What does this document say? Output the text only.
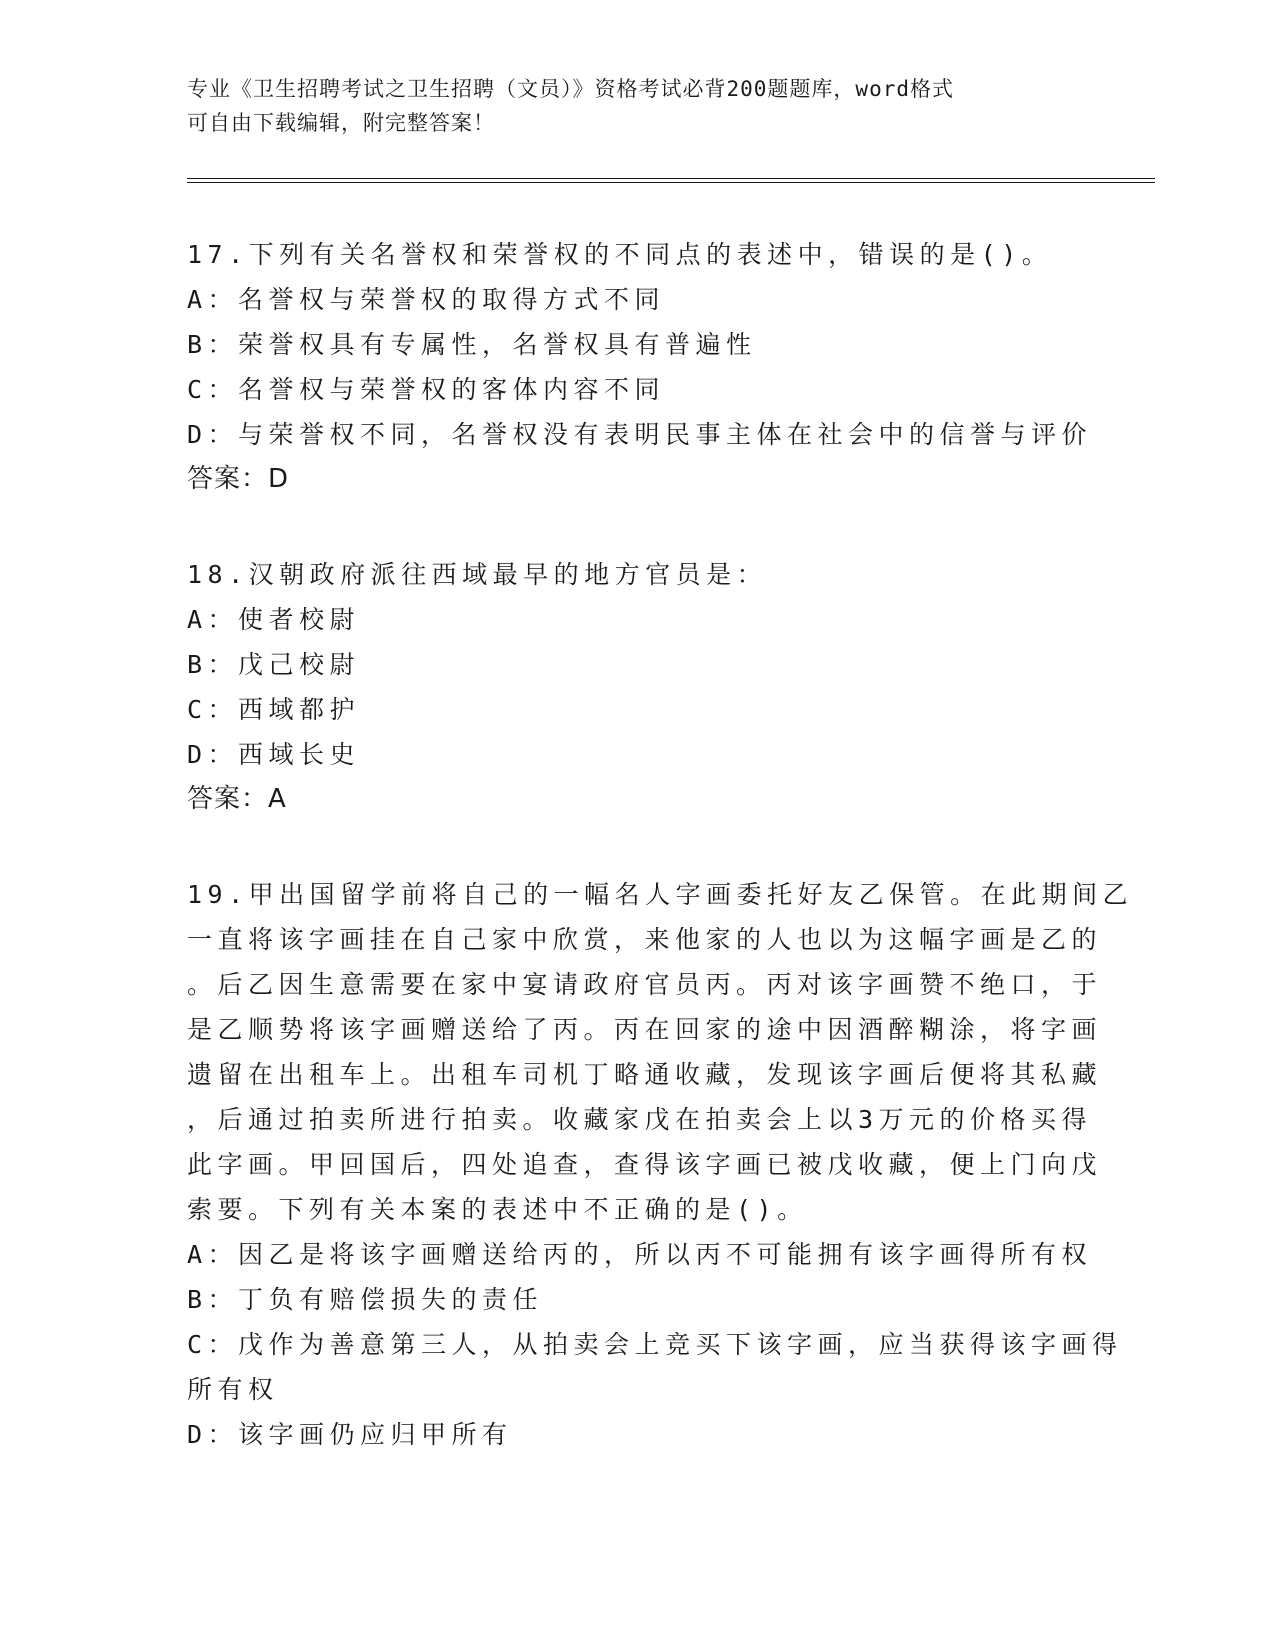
专业《卫生招聘考试之卫生招聘（文员）》资格考试必背200题题库，word格式
可自由下载编辑，附完整答案！
17.下列有关名誉权和荣誉权的不同点的表述中，错误的是()。
A：名誉权与荣誉权的取得方式不同
B：荣誉权具有专属性，名誉权具有普遍性
C：名誉权与荣誉权的客体内容不同
D：与荣誉权不同，名誉权没有表明民事主体在社会中的信誉与评价
答案：D
18.汉朝政府派往西域最早的地方官员是：
A：使者校尉
B：戊己校尉
C：西域都护
D：西域长史
答案：A
19.甲出国留学前将自己的一幅名人字画委托好友乙保管。在此期间乙
一直将该字画挂在自己家中欣赏，来他家的人也以为这幅字画是乙的
。后乙因生意需要在家中宴请政府官员丙。丙对该字画赞不绝口，于
是乙顺势将该字画赠送给了丙。丙在回家的途中因酒醉糊涂，将字画
遗留在出租车上。出租车司机丁略通收藏，发现该字画后便将其私藏
，后通过拍卖所进行拍卖。收藏家戊在拍卖会上以3万元的价格买得
此字画。甲回国后，四处追查，查得该字画已被戊收藏，便上门向戊
索要。下列有关本案的表述中不正确的是()。
A：因乙是将该字画赠送给丙的，所以丙不可能拥有该字画得所有权
B：丁负有赔偿损失的责任
C：戊作为善意第三人，从拍卖会上竞买下该字画，应当获得该字画得
所有权
D：该字画仍应归甲所有
